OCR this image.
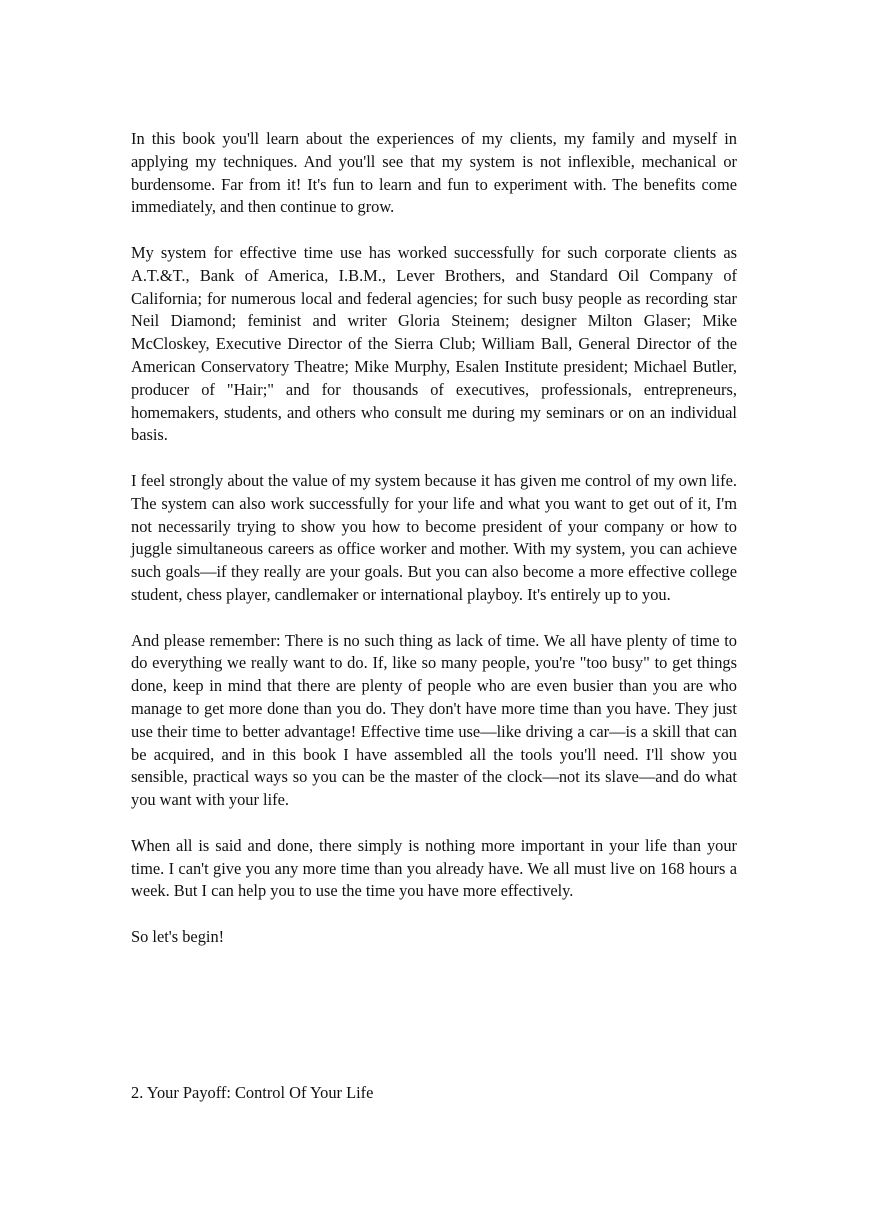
In this book you'll learn about the experiences of my clients, my family and myself in applying my techniques. And you'll see that my system is not inflexible, mechanical or burdensome. Far from it! It's fun to learn and fun to experiment with. The benefits come immediately, and then continue to grow.

My system for effective time use has worked successfully for such corporate clients as A.T.&T., Bank of America, I.B.M., Lever Brothers, and Standard Oil Company of California; for numerous local and federal agencies; for such busy people as recording star Neil Diamond; feminist and writer Gloria Steinem; designer Milton Glaser; Mike McCloskey, Executive Director of the Sierra Club; William Ball, General Director of the American Conservatory Theatre; Mike Murphy, Esalen Institute president; Michael Butler, producer of "Hair;" and for thousands of executives, professionals, entrepreneurs, homemakers, students, and others who consult me during my seminars or on an individual basis.

I feel strongly about the value of my system because it has given me control of my own life. The system can also work successfully for your life and what you want to get out of it, I'm not necessarily trying to show you how to become president of your company or how to juggle simultaneous careers as office worker and mother. With my system, you can achieve such goals—if they really are your goals. But you can also become a more effective college student, chess player, candlemaker or international playboy. It's entirely up to you.

And please remember: There is no such thing as lack of time. We all have plenty of time to do everything we really want to do. If, like so many people, you're "too busy" to get things done, keep in mind that there are plenty of people who are even busier than you are who manage to get more done than you do. They don't have more time than you have. They just use their time to better advantage! Effective time use—like driving a car—is a skill that can be acquired, and in this book I have assembled all the tools you'll need. I'll show you sensible, practical ways so you can be the master of the clock—not its slave—and do what you want with your life.

When all is said and done, there simply is nothing more important in your life than your time. I can't give you any more time than you already have. We all must live on 168 hours a week. But I can help you to use the time you have more effectively.

So let's begin!

2. Your Payoff: Control Of Your Life
